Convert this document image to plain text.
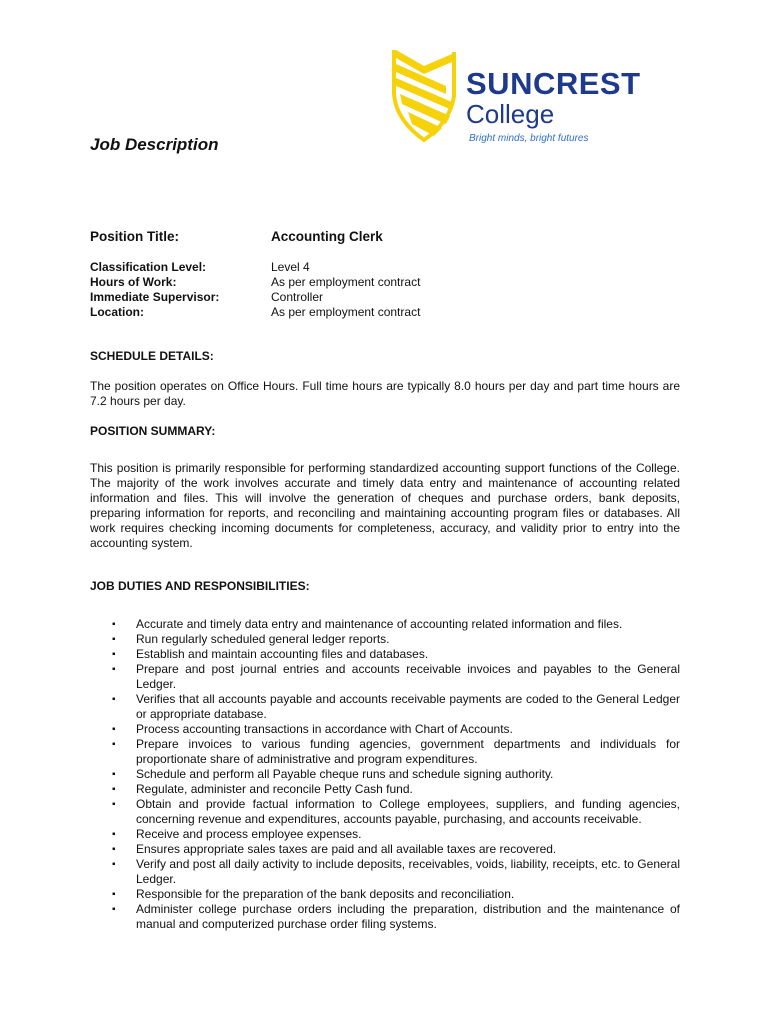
SUNCREST
College
Bright minds, bright futures
Job Description
Position Title:	Accounting Clerk
Classification Level:
Hours of Work:
Immediate Supervisor:
Location:
Level 4
As per employment contract
Controller
As per employment contract
SCHEDULE DETAILS:
The position operates on Office Hours. Full time hours are typically 8.0 hours per day and part time hours are 7.2 hours per day.
POSITION SUMMARY:
This position is primarily responsible for performing standardized accounting support functions of the College. The majority of the work involves accurate and timely data entry and maintenance of accounting related information and files. This will involve the generation of cheques and purchase orders, bank deposits, preparing information for reports, and reconciling and maintaining accounting program files or databases. All work requires checking incoming documents for completeness, accuracy, and validity prior to entry into the accounting system.
JOB DUTIES AND RESPONSIBILITIES:
▪ Accurate and timely data entry and maintenance of accounting related information and files.
▪ Run regularly scheduled general ledger reports.
▪ Establish and maintain accounting files and databases.
▪ Prepare and post journal entries and accounts receivable invoices and payables to the General Ledger.
▪ Verifies that all accounts payable and accounts receivable payments are coded to the General Ledger or appropriate database.
▪ Process accounting transactions in accordance with Chart of Accounts.
▪ Prepare invoices to various funding agencies, government departments and individuals for proportionate share of administrative and program expenditures.
▪ Schedule and perform all Payable cheque runs and schedule signing authority.
▪ Regulate, administer and reconcile Petty Cash fund.
▪ Obtain and provide factual information to College employees, suppliers, and funding agencies, concerning revenue and expenditures, accounts payable, purchasing, and accounts receivable.
▪ Receive and process employee expenses.
▪ Ensures appropriate sales taxes are paid and all available taxes are recovered.
▪ Verify and post all daily activity to include deposits, receivables, voids, liability, receipts, etc. to General Ledger.
▪ Responsible for the preparation of the bank deposits and reconciliation.
▪ Administer college purchase orders including the preparation, distribution and the maintenance of manual and computerized purchase order filing systems.
